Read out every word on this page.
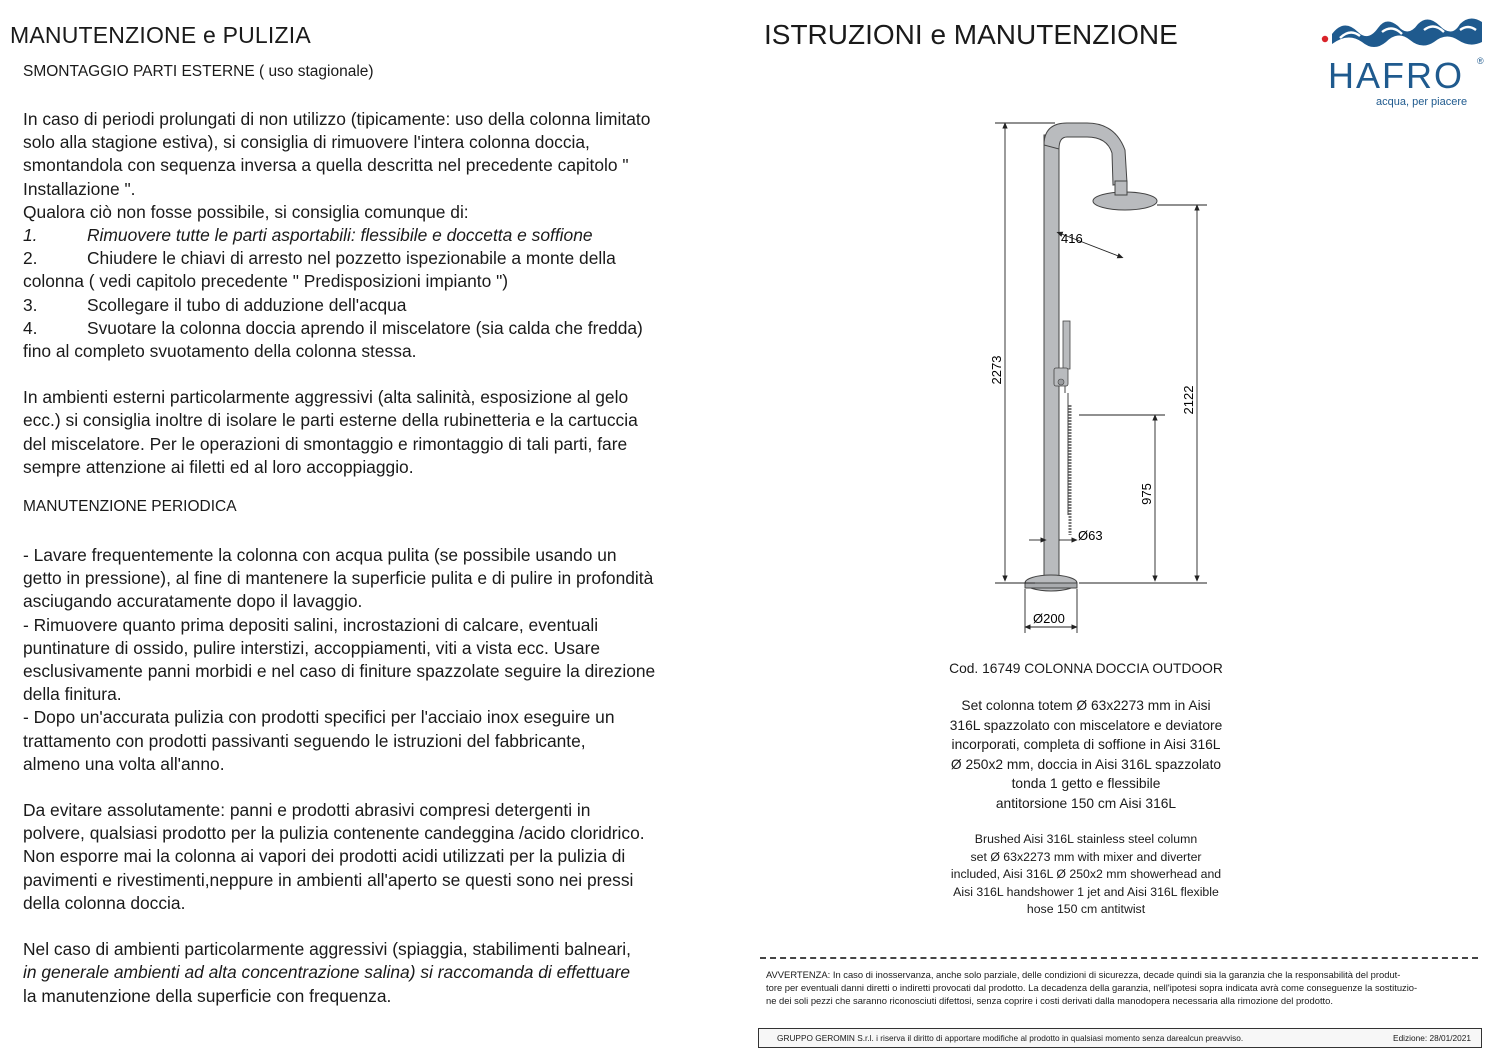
MANUTENZIONE e PULIZIA	ISTRUZIONI e MANUTENZIONE
HAFRO ®
acqua, per piacere

SMONTAGGIO PARTI ESTERNE ( uso stagionale)

In caso di periodi prolungati di non utilizzo (tipicamente: uso della colonna limitato
solo alla stagione estiva), si consiglia di rimuovere l'intera colonna doccia,
smontandola con sequenza inversa a quella descritta nel precedente capitolo "
Installazione ".
Qualora ciò non fosse possibile, si consiglia comunque di:
1.	Rimuovere tutte le parti asportabili: flessibile e doccetta e soffione
2.	Chiudere le chiavi di arresto nel pozzetto ispezionabile a monte della
colonna ( vedi capitolo precedente " Predisposizioni impianto ")
3.	Scollegare il tubo di adduzione dell'acqua
4.	Svuotare la colonna doccia aprendo il miscelatore (sia calda che fredda)
fino al completo svuotamento della colonna stessa.
In ambienti esterni particolarmente aggressivi (alta salinità, esposizione al gelo
ecc.) si consiglia inoltre di isolare le parti esterne della rubinetteria e la cartuccia
del miscelatore. Per le operazioni di smontaggio e rimontaggio di tali parti, fare
sempre attenzione ai filetti ed al loro accoppiaggio.

MANUTENZIONE PERIODICA

- Lavare frequentemente la colonna con acqua pulita (se possibile usando un
getto in pressione), al fine di mantenere la superficie pulita e di pulire in profondità
asciugando accuratamente dopo il lavaggio.
- Rimuovere quanto prima depositi salini, incrostazioni di calcare, eventuali
puntinature di ossido, pulire interstizi, accoppiamenti, viti a vista ecc. Usare
esclusivamente panni morbidi e nel caso di finiture spazzolate seguire la direzione
della finitura.
- Dopo un'accurata pulizia con prodotti specifici per l'acciaio inox eseguire un
trattamento con prodotti passivanti seguendo le istruzioni del fabbricante,
almeno una volta all'anno.
Da evitare assolutamente: panni e prodotti abrasivi compresi detergenti in
polvere, qualsiasi prodotto per la pulizia contenente candeggina /acido cloridrico.
Non esporre mai la colonna ai vapori dei prodotti acidi utilizzati per la pulizia di
pavimenti e rivestimenti,neppure in ambienti all'aperto se questi sono nei pressi
della colonna doccia.
Nel caso di ambienti particolarmente aggressivi (spiaggia, stabilimenti balneari,
in generale ambienti ad alta concentrazione salina) si raccomanda di effettuare
la manutenzione della superficie con frequenza.
2273
2122
975
416
Ø63
Ø200
Cod. 16749 COLONNA DOCCIA OUTDOOR
Set colonna totem Ø 63x2273 mm in Aisi
316L spazzolato con miscelatore e deviatore
incorporati, completa di soffione in Aisi 316L
Ø 250x2 mm, doccia in Aisi 316L spazzolato
tonda 1 getto e flessibile
antitorsione 150 cm Aisi 316L
Brushed Aisi 316L stainless steel column
set Ø 63x2273 mm with mixer and diverter
included, Aisi 316L Ø 250x2 mm showerhead and
Aisi 316L handshower 1 jet and Aisi 316L flexible
hose 150 cm antitwist
AVVERTENZA: In caso di inosservanza, anche solo parziale, delle condizioni di sicurezza, decade quindi sia la garanzia che la responsabilità del produt-
tore per eventuali danni diretti o indiretti provocati dal prodotto. La decadenza della garanzia, nell'ipotesi sopra indicata avrà come conseguenze la sostituzio-
ne dei soli pezzi che saranno riconosciuti difettosi, senza coprire i costi derivati dalla manodopera necessaria alla rimozione del prodotto.
GRUPPO GEROMIN S.r.l. i riserva il diritto di apportare modifiche al prodotto in qualsiasi momento senza darealcun preavviso.	Edizione: 28/01/2021
